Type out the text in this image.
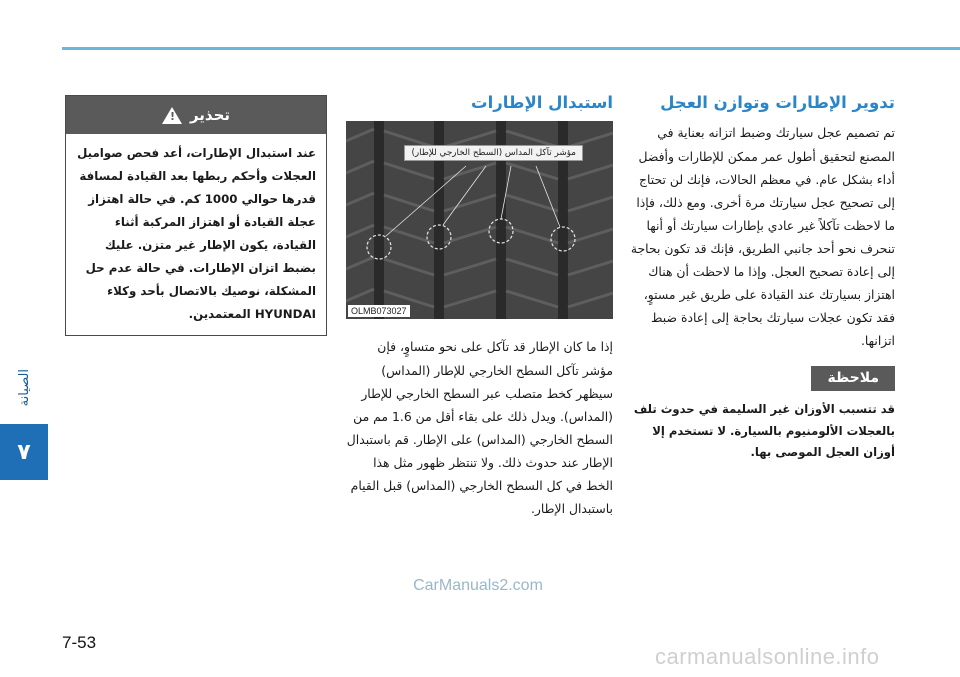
الصيانة
٧
تدوير الإطارات وتوازن العجل

تم تصميم عجل سيارتك وضبط اتزانه بعناية في المصنع لتحقيق أطول عمر ممكن للإطارات وأفضل أداء بشكل عام. في معظم الحالات، فإنك لن تحتاج إلى تصحيح عجل سيارتك مرة أخرى. ومع ذلك، فإذا ما لاحظت تآكلاً غير عادي بإطارات سيارتك أو أنها تنحرف نحو أحد جانبي الطريق، فإنك قد تكون بحاجة إلى إعادة تصحيح العجل. وإذا ما لاحظت أن هناك اهتزاز بسيارتك عند القيادة على طريق غير مستوٍ، فقد تكون عجلات سيارتك بحاجة إلى إعادة ضبط اتزانها.

ملاحظة
قد تتسبب الأوزان غير السليمة في حدوث تلف بالعجلات الألومنيوم بالسيارة. لا تستخدم إلا أوزان العجل الموصى بها.
استبدال الإطارات
مؤشر تآكل المداس (السطح الخارجي للإطار)
OLMB073027

إذا ما كان الإطار قد تآكل على نحو متساوٍ، فإن مؤشر تآكل السطح الخارجي للإطار (المداس) سيظهر كخط متصلب عبر السطح الخارجي للإطار (المداس). ويدل ذلك على بقاء أقل من 1.6 مم من السطح الخارجي (المداس) على الإطار. قم باستبدال الإطار عند حدوث ذلك. ولا تنتظر ظهور مثل هذا الخط في كل السطح الخارجي (المداس) قبل القيام باستبدال الإطار.

تحذير
!
عند استبدال الإطارات، أعد فحص صواميل العجلات وأحكم ربطها بعد القيادة لمسافة قدرها حوالي 1000 كم. في حالة اهتزاز عجلة القيادة أو اهتزاز المركبة أثناء القيادة، يكون الإطار غير متزن. عليك بضبط اتزان الإطارات. في حالة عدم حل المشكلة، نوصيك بالاتصال بأحد وكلاء HYUNDAI المعتمدين.
CarManuals2.com
7-53
carmanualsonline.info
